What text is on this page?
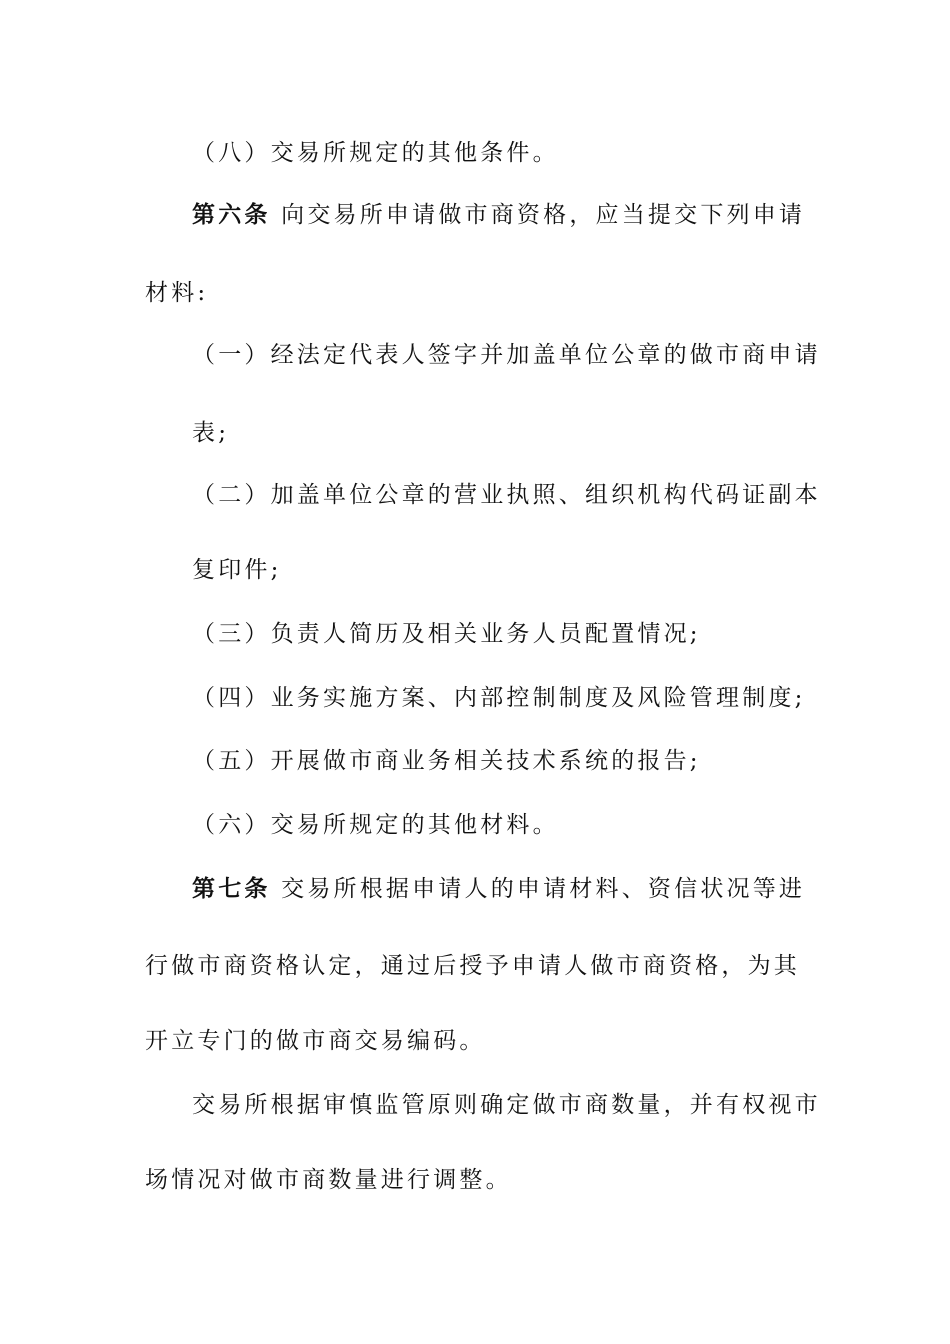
（八）交易所规定的其他条件。
第六条 向交易所申请做市商资格，应当提交下列申请
材料:
（一）经法定代表人签字并加盖单位公章的做市商申请
表;
（二）加盖单位公章的营业执照、组织机构代码证副本
复印件;
（三）负责人简历及相关业务人员配置情况;
（四）业务实施方案、内部控制制度及风险管理制度;
（五）开展做市商业务相关技术系统的报告;
（六）交易所规定的其他材料。
第七条 交易所根据申请人的申请材料、资信状况等进
行做市商资格认定，通过后授予申请人做市商资格，为其
开立专门的做市商交易编码。
交易所根据审慎监管原则确定做市商数量，并有权视市
场情况对做市商数量进行调整。
